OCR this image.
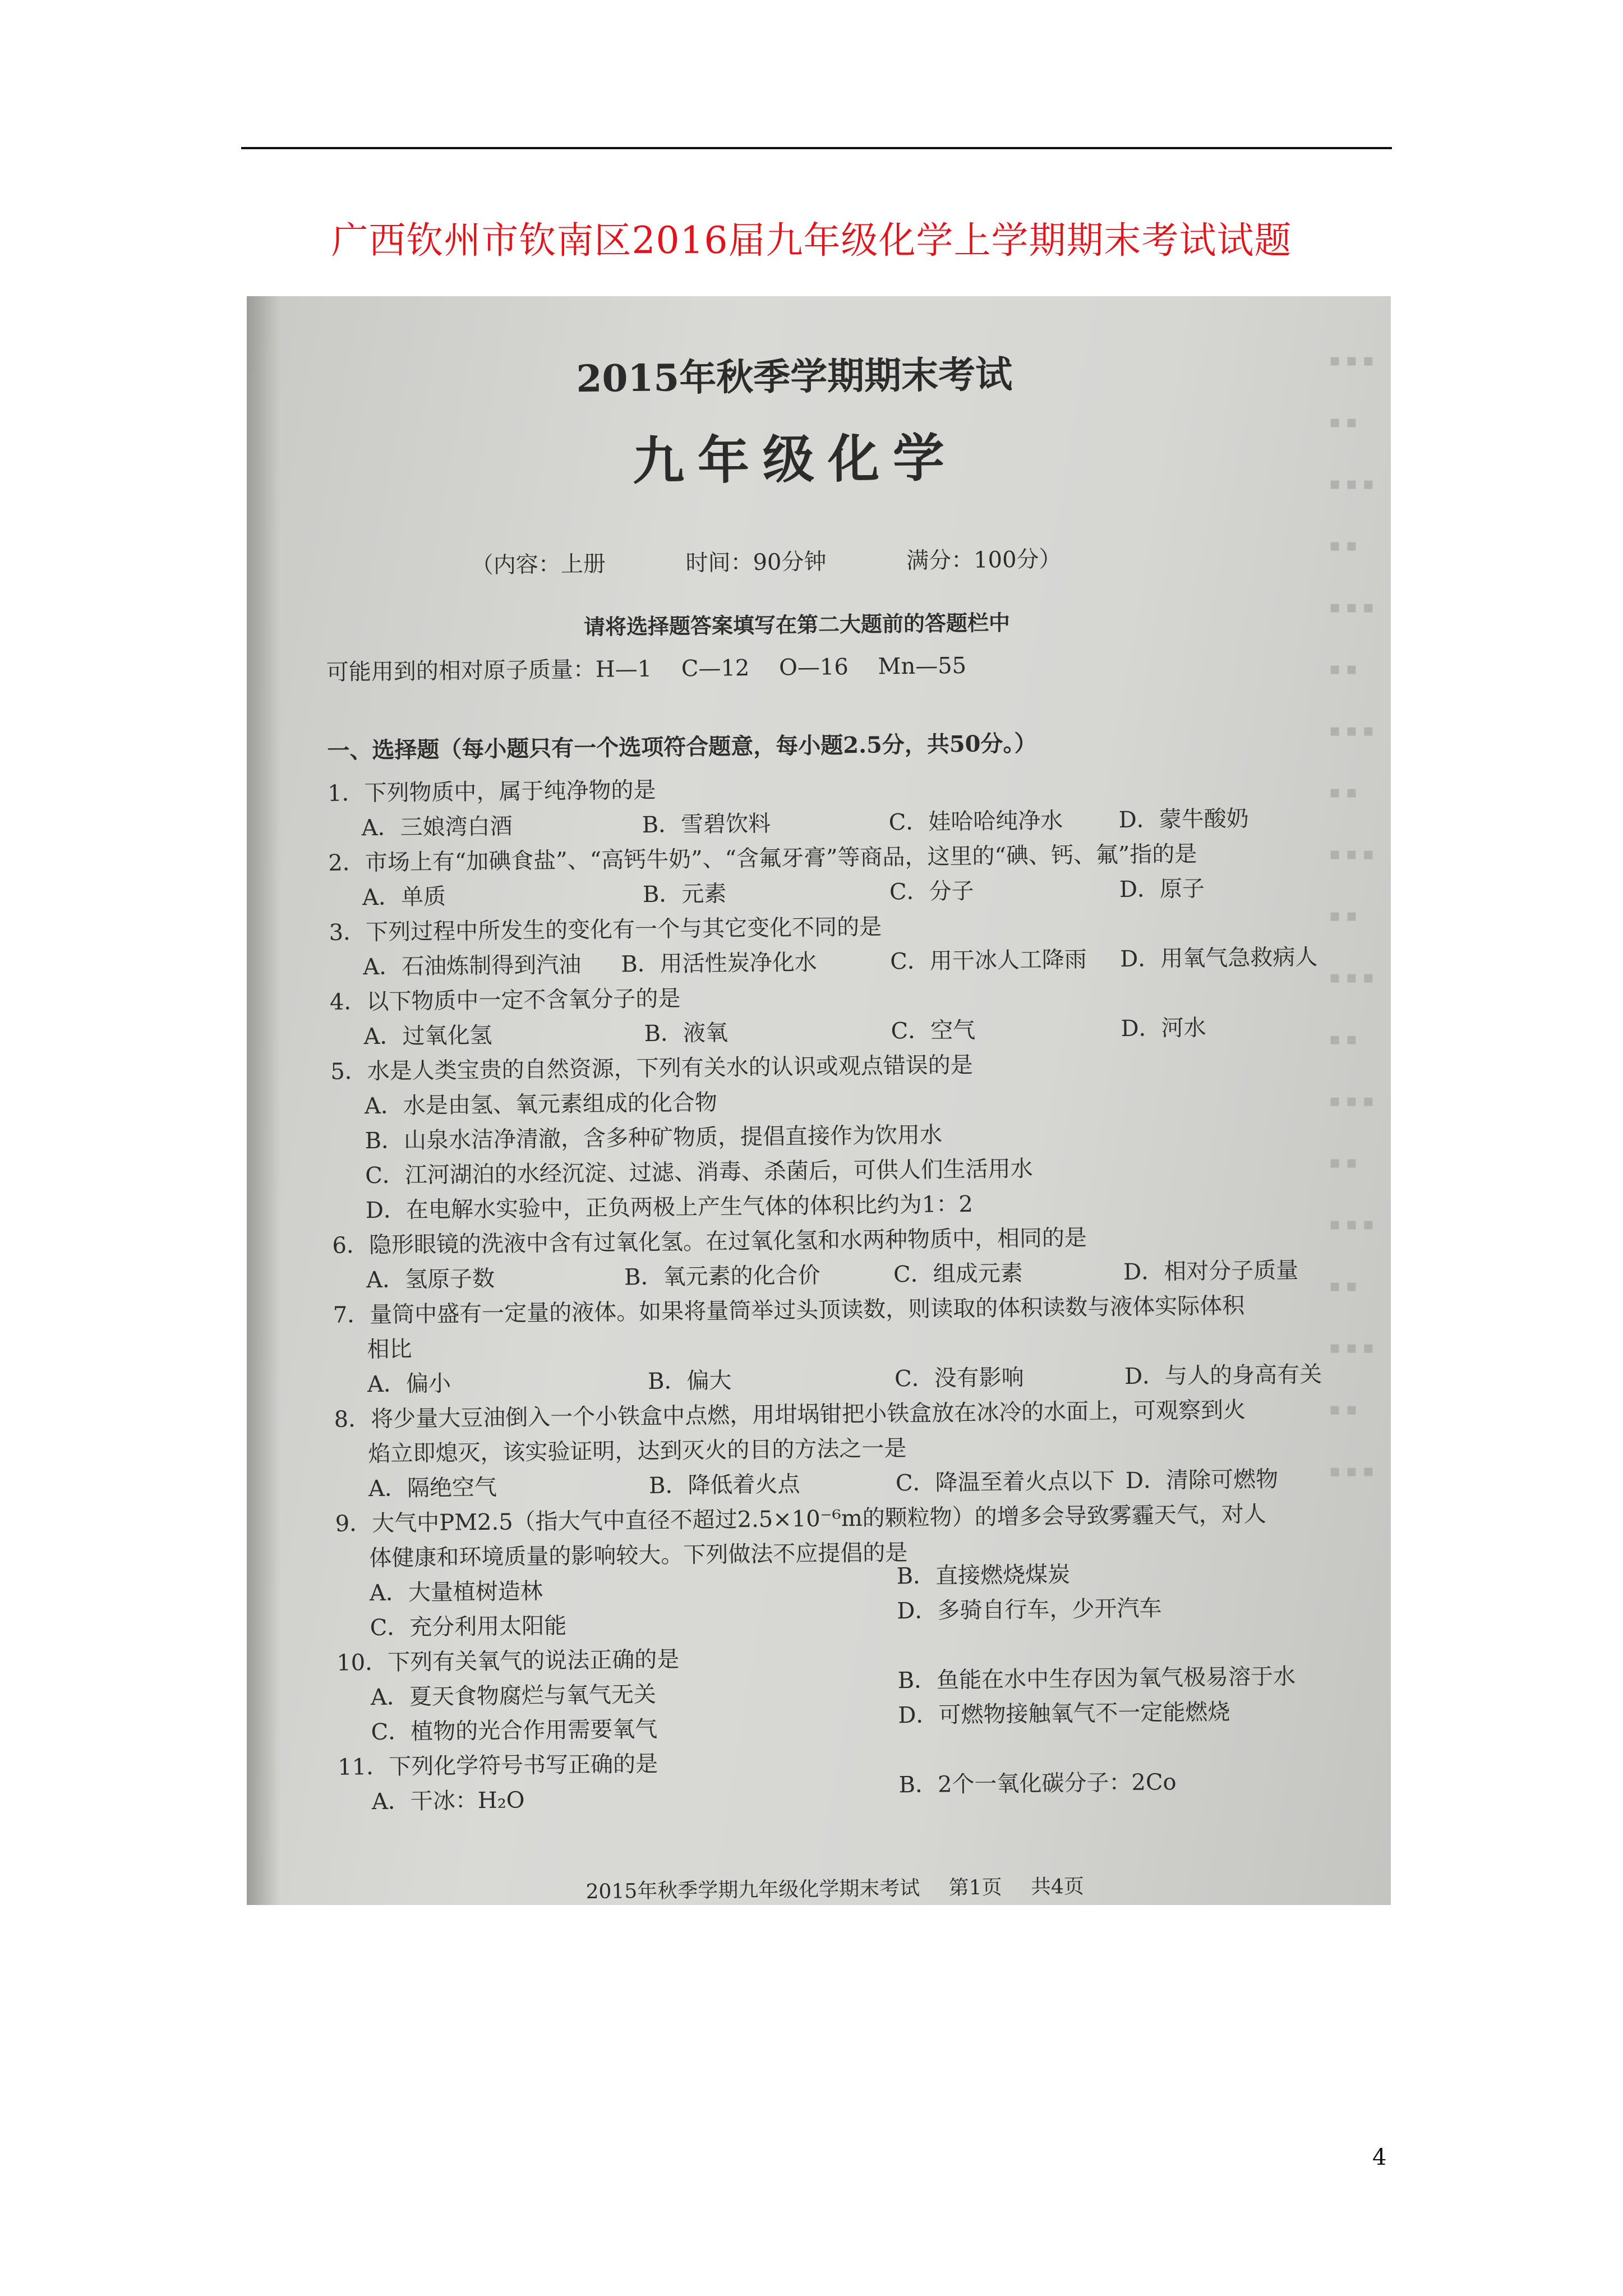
广西钦州市钦南区2016届九年级化学上学期期末考试试题
▪ ▪ ▪
▪ ▪
▪ ▪ ▪
▪ ▪
▪ ▪ ▪
▪ ▪
▪ ▪ ▪
▪ ▪
▪ ▪ ▪
▪ ▪
▪ ▪ ▪
▪ ▪
▪ ▪ ▪
▪ ▪
▪ ▪ ▪
▪ ▪
▪ ▪ ▪
▪ ▪
▪ ▪ ▪
2015年秋季学期期末考试
九年级化学
（内容：上册	时间：90分钟	满分：100分）
请将选择题答案填写在第二大题前的答题栏中
可能用到的相对原子质量：H—1 C—12 O—16 Mn—55
一、选择题（每小题只有一个选项符合题意，每小题2.5分，共50分。）
1．下列物质中，属于纯净物的是
A．三娘湾白酒	B．雪碧饮料	C．娃哈哈纯净水 D．蒙牛酸奶
2．市场上有“加碘食盐”、“高钙牛奶”、“含氟牙膏”等商品，这里的“碘、钙、氟”指的是
A．单质	B．元素	C．分子	D．原子
3．下列过程中所发生的变化有一个与其它变化不同的是
A．石油炼制得到汽油 B．用活性炭净化水	C．用干冰人工降雨 D．用氧气急救病人
4．以下物质中一定不含氧分子的是
A．过氧化氢	B．液氧	C．空气	D．河水
5．水是人类宝贵的自然资源，下列有关水的认识或观点错误的是
A．水是由氢、氧元素组成的化合物
B．山泉水洁净清澈，含多种矿物质，提倡直接作为饮用水
C．江河湖泊的水经沉淀、过滤、消毒、杀菌后，可供人们生活用水
D．在电解水实验中，正负两极上产生气体的体积比约为1：2
6．隐形眼镜的洗液中含有过氧化氢。在过氧化氢和水两种物质中，相同的是
A．氢原子数	B．氧元素的化合价	C．组成元素	D．相对分子质量
7．量筒中盛有一定量的液体。如果将量筒举过头顶读数，则读取的体积读数与液体实际体积
相比
A．偏小	B．偏大	C．没有影响	D．与人的身高有关
8．将少量大豆油倒入一个小铁盒中点燃，用坩埚钳把小铁盒放在冰冷的水面上，可观察到火
焰立即熄灭，该实验证明，达到灭火的目的方法之一是
A．隔绝空气	B．降低着火点	C．降温至着火点以下 D．清除可燃物
9．大气中PM2.5（指大气中直径不超过2.5×10⁻⁶m的颗粒物）的增多会导致雾霾天气，对人
体健康和环境质量的影响较大。下列做法不应提倡的是
A．大量植树造林
B．直接燃烧煤炭
C．充分利用太阳能
D．多骑自行车，少开汽车
10．下列有关氧气的说法正确的是
A．夏天食物腐烂与氧气无关
B．鱼能在水中生存因为氧气极易溶于水
C．植物的光合作用需要氧气
D．可燃物接触氧气不一定能燃烧
11．下列化学符号书写正确的是
A．干冰：H₂O
B．2个一氧化碳分子：2Co
2015年秋季学期九年级化学期末考试 第1页 共4页
4
